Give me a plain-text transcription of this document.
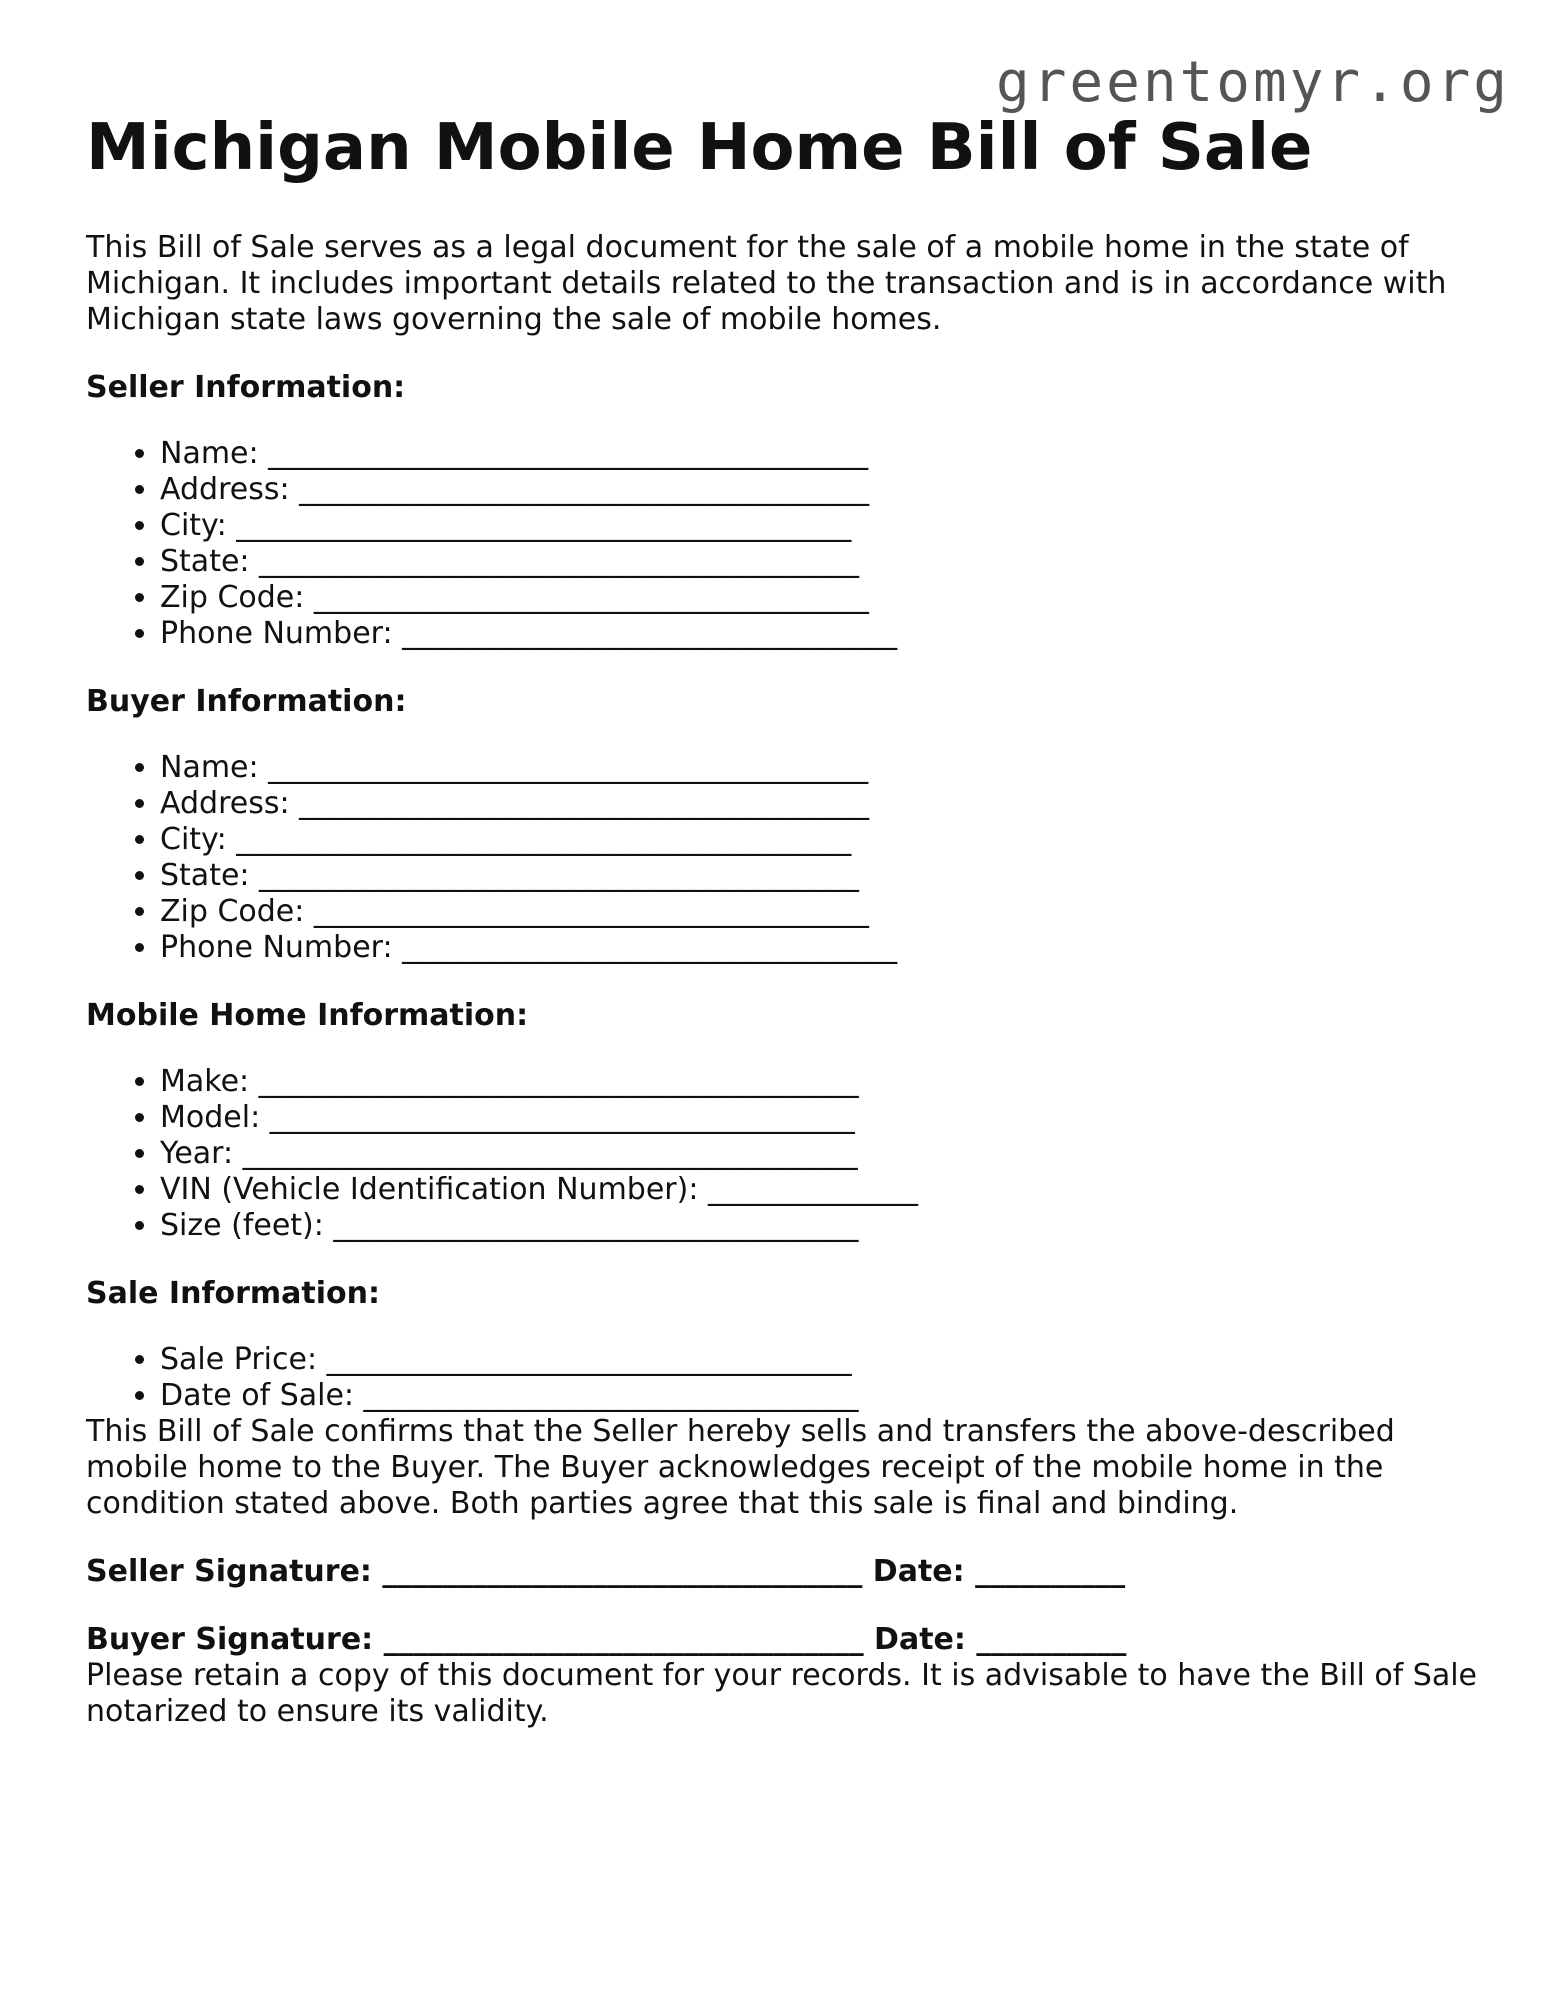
greentomyr.org
Michigan Mobile Home Bill of Sale

This Bill of Sale serves as a legal document for the sale of a mobile home in the state of Michigan. It includes important details related to the transaction and is in accordance with Michigan state laws governing the sale of mobile homes.

Seller Information:
• Name: ________________________________________
• Address: ______________________________________
• City: _________________________________________
• State: ________________________________________
• Zip Code: _____________________________________
• Phone Number: _________________________________
Buyer Information:
• Name: ________________________________________
• Address: ______________________________________
• City: _________________________________________
• State: ________________________________________
• Zip Code: _____________________________________
• Phone Number: _________________________________
Mobile Home Information:
• Make: ________________________________________
• Model: _______________________________________
• Year: _________________________________________
• VIN (Vehicle Identification Number): ______________
• Size (feet): ___________________________________
Sale Information:
• Sale Price: ___________________________________
• Date of Sale: _________________________________

This Bill of Sale confirms that the Seller hereby sells and transfers the above-described mobile home to the Buyer. The Buyer acknowledges receipt of the mobile home in the condition stated above. Both parties agree that this sale is final and binding.

Seller Signature: ________________________________ Date: __________
Buyer Signature: ________________________________ Date: __________

Please retain a copy of this document for your records. It is advisable to have the Bill of Sale notarized to ensure its validity.
